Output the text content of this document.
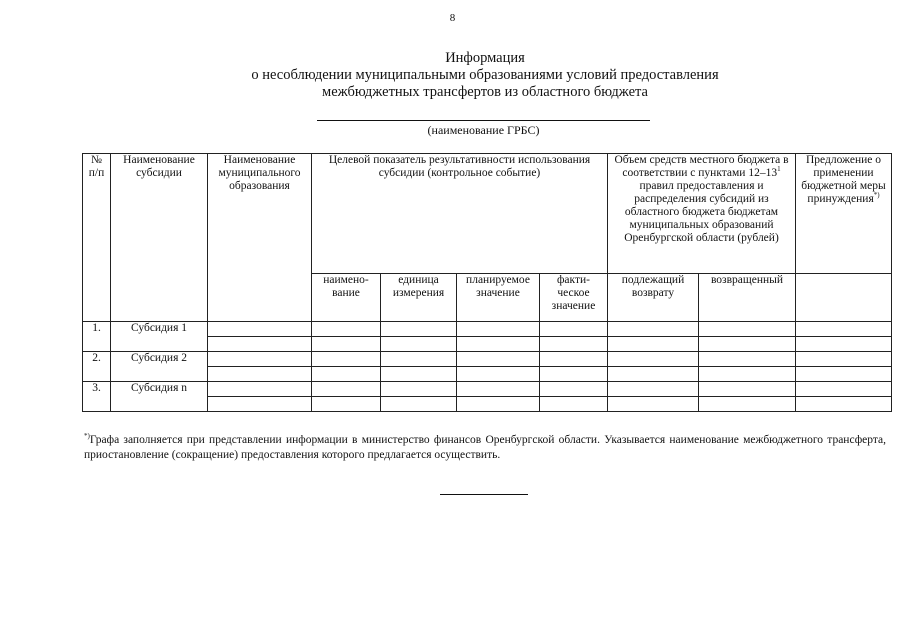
8
Информация
о несоблюдении муниципальными образованиями условий предоставления
межбюджетных трансфертов из областного бюджета
(наименование ГРБС)
№ п/п	Наименование субсидии	Наименование муниципального образования	Целевой показатель результативности использования субсидии (контрольное событие)				Объем средств местного бюджета в соответствии с пунктами $12-13^1$ правил предоставления и распределения субсидий из областного бюджета бюджетам муниципальных образований Оренбургской области (рублей)		Предложение о применении бюджетной меры принуждения*)
			наимено-вание	единица измерения	планируемое значение	факти-ческое значение	подлежащий возврату	возвращенный	
1.	Субсидия 1								

2.	Субсидия 2								

3.	Субсидия n								

*)Графа заполняется при представлении информации в министерство финансов Оренбургской области. Указывается наименование межбюджетного трансферта, приостановление (сокращение) предоставления которого предлагается осуществить.
